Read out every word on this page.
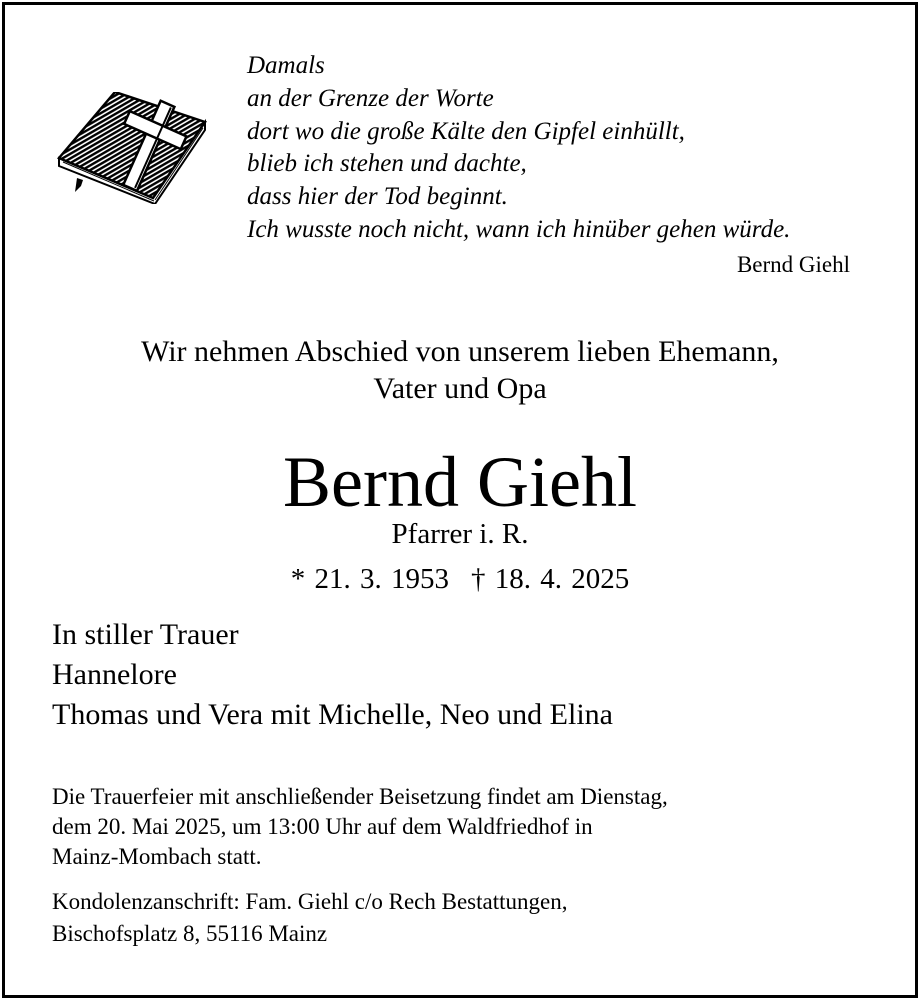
Damals
an der Grenze der Worte
dort wo die große Kälte den Gipfel einhüllt,
blieb ich stehen und dachte,
dass hier der Tod beginnt.
Ich wusste noch nicht, wann ich hinüber gehen würde.
Bernd Giehl
Wir nehmen Abschied von unserem lieben Ehemann,
Vater und Opa
Bernd Giehl
Pfarrer i. R.
* 21. 3. 1953 † 18. 4. 2025
In stiller Trauer
Hannelore
Thomas und Vera mit Michelle, Neo und Elina
Die Trauerfeier mit anschließender Beisetzung findet am Dienstag,
dem 20. Mai 2025, um 13:00 Uhr auf dem Waldfriedhof in
Mainz-Mombach statt.
Kondolenzanschrift: Fam. Giehl c/o Rech Bestattungen,
Bischofsplatz 8, 55116 Mainz
